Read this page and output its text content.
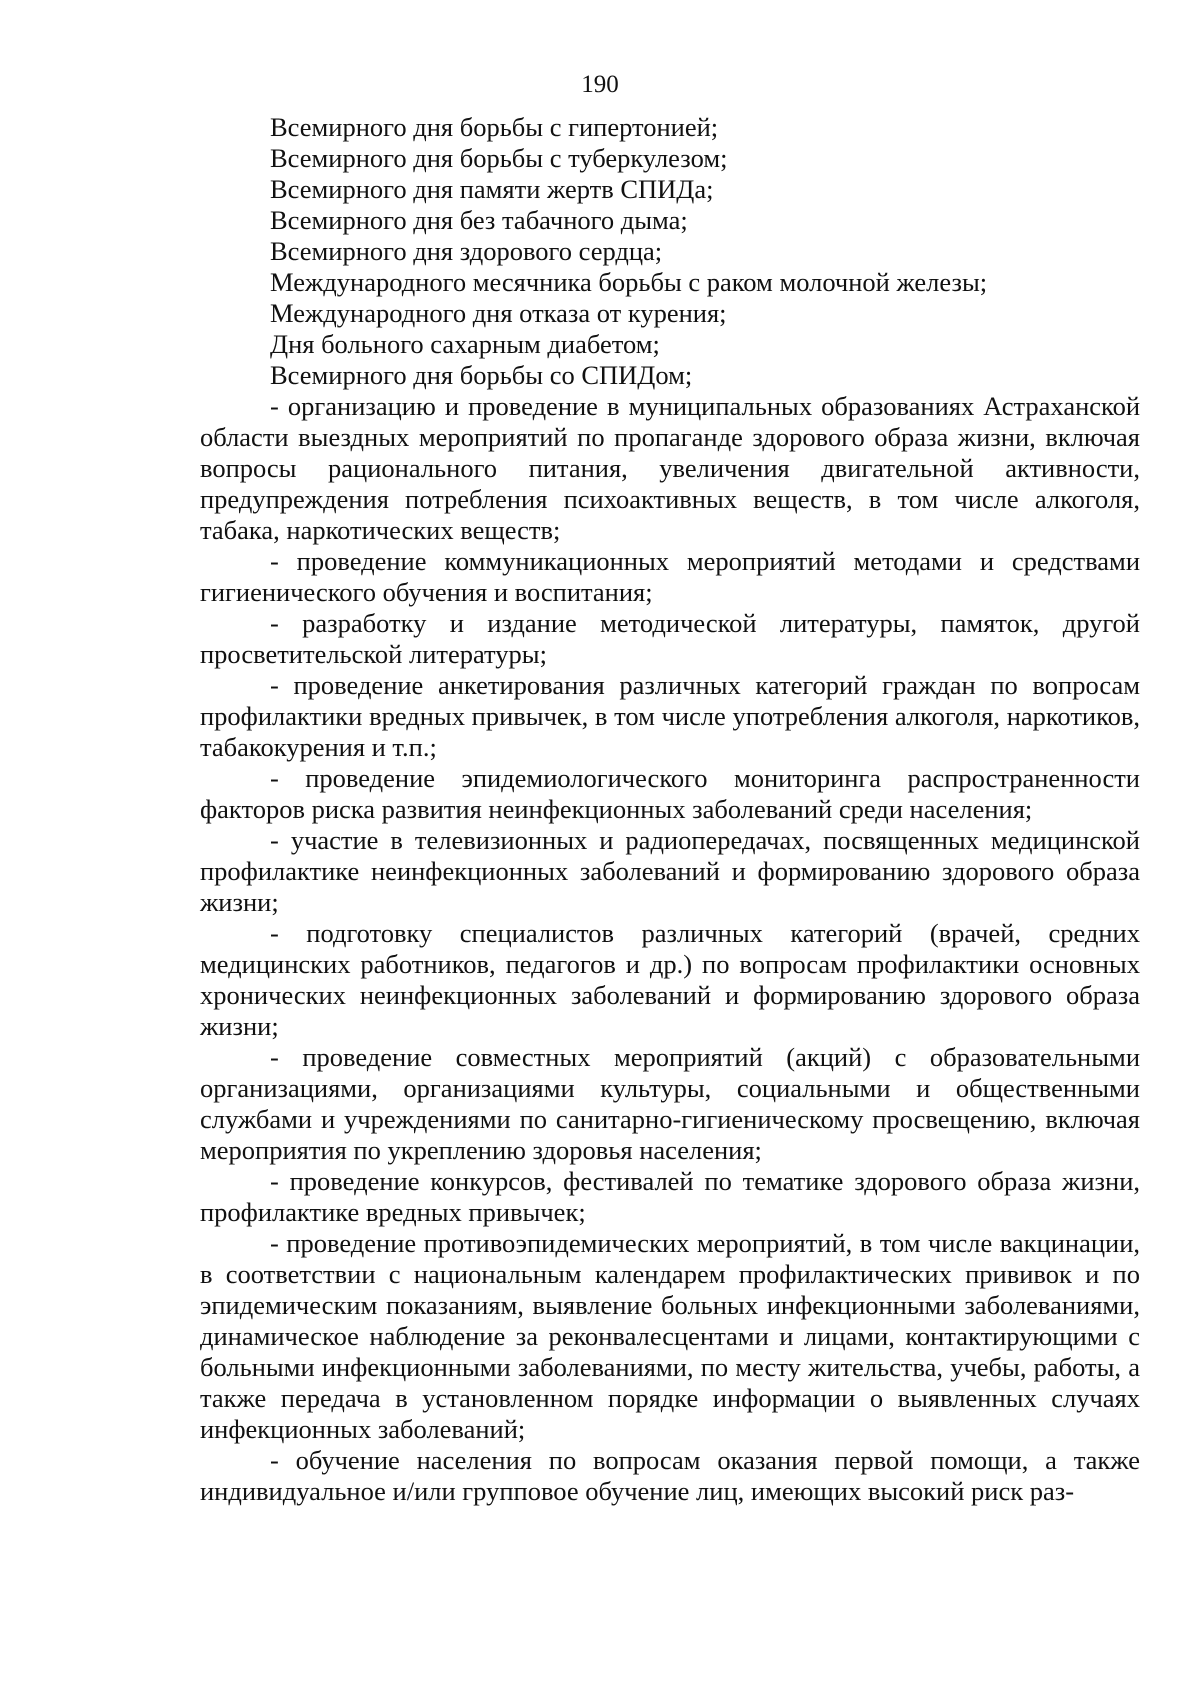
190

Всемирного дня борьбы с гипертонией;

Всемирного дня борьбы с туберкулезом;

Всемирного дня памяти жертв СПИДа;

Всемирного дня без табачного дыма;

Всемирного дня здорового сердца;

Международного месячника борьбы с раком молочной железы;

Международного дня отказа от курения;

Дня больного сахарным диабетом;

Всемирного дня борьбы со СПИДом;

- организацию и проведение в муниципальных образованиях Астраханской области выездных мероприятий по пропаганде здорового образа жизни, включая вопросы рационального питания, увеличения двигательной активности, предупреждения потребления психоактивных веществ, в том числе алкоголя, табака, наркотических веществ;

- проведение коммуникационных мероприятий методами и средствами гигиенического обучения и воспитания;

- разработку и издание методической литературы, памяток, другой просветительской литературы;

- проведение анкетирования различных категорий граждан по вопросам профилактики вредных привычек, в том числе употребления алкоголя, наркотиков, табакокурения и т.п.;

- проведение эпидемиологического мониторинга распространенности факторов риска развития неинфекционных заболеваний среди населения;

- участие в телевизионных и радиопередачах, посвященных медицинской профилактике неинфекционных заболеваний и формированию здорового образа жизни;

- подготовку специалистов различных категорий (врачей, средних медицинских работников, педагогов и др.) по вопросам профилактики основных хронических неинфекционных заболеваний и формированию здорового образа жизни;

- проведение совместных мероприятий (акций) с образовательными организациями, организациями культуры, социальными и общественными службами и учреждениями по санитарно-гигиеническому просвещению, включая мероприятия по укреплению здоровья населения;

- проведение конкурсов, фестивалей по тематике здорового образа жизни, профилактике вредных привычек;

- проведение противоэпидемических мероприятий, в том числе вакцинации, в соответствии с национальным календарем профилактических прививок и по эпидемическим показаниям, выявление больных инфекционными заболеваниями, динамическое наблюдение за реконвалесцентами и лицами, контактирующими с больными инфекционными заболеваниями, по месту жительства, учебы, работы, а также передача в установленном порядке информации о выявленных случаях инфекционных заболеваний;

- обучение населения по вопросам оказания первой помощи, а также индивидуальное и/или групповое обучение лиц, имеющих высокий риск раз-
